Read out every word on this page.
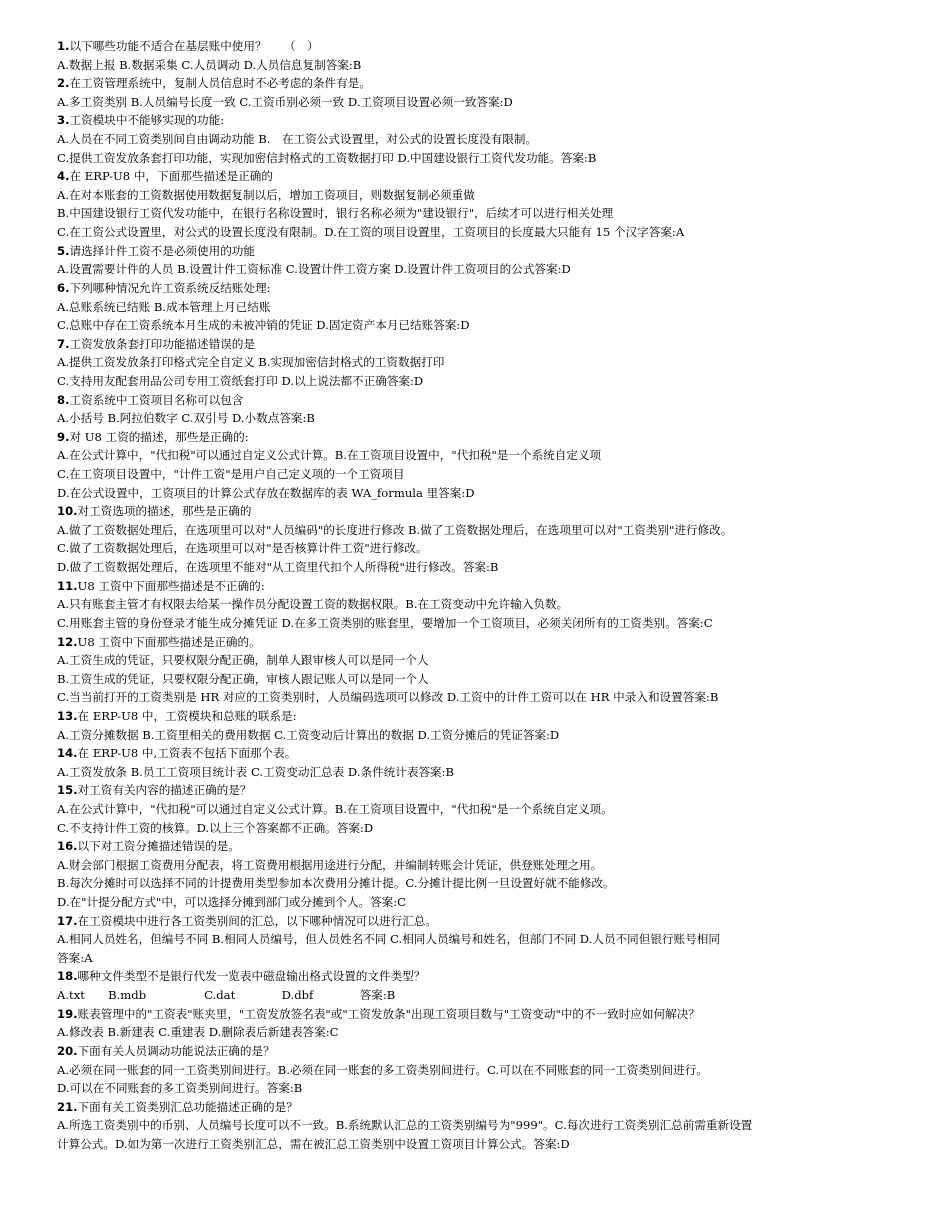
1.以下哪些功能不适合在基层账中使用？　　（　）
A.数据上报 B.数据采集 C.人员调动 D.人员信息复制答案:B
2.在工资管理系统中，复制人员信息时不必考虑的条件有是。
A.多工资类别 B.人员编号长度一致 C.工资币别必须一致 D.工资项目设置必须一致答案:D
3.工资模块中不能够实现的功能:
A.人员在不同工资类别间自由调动功能 B.　在工资公式设置里，对公式的设置长度没有限制。
C.提供工资发放条套打印功能，实现加密信封格式的工资数据打印 D.中国建设银行工资代发功能。答案:B
4.在 ERP-U8 中，下面那些描述是正确的
A.在对本账套的工资数据使用数据复制以后，增加工资项目，则数据复制必须重做
B.中国建设银行工资代发功能中，在银行名称设置时，银行名称必须为"建设银行"，后续才可以进行相关处理
C.在工资公式设置里，对公式的设置长度没有限制。D.在工资的项目设置里，工资项目的长度最大只能有 15 个汉字答案:A
5.请选择计件工资不是必须使用的功能
A.设置需要计件的人员 B.设置计件工资标准 C.设置计件工资方案 D.设置计件工资项目的公式答案:D
6.下列哪种情况允许工资系统反结账处理:
A.总账系统已结账 B.成本管理上月已结账
C.总账中存在工资系统本月生成的未被冲销的凭证 D.固定资产本月已结账答案:D
7.工资发放条套打印功能描述错误的是
A.提供工资发放条打印格式完全自定义 B.实现加密信封格式的工资数据打印
C.支持用友配套用品公司专用工资纸套打印 D.以上说法都不正确答案:D
8.工资系统中工资项目名称可以包含
A.小括号 B.阿拉伯数字 C.双引号 D.小数点答案:B
9.对 U8 工资的描述，那些是正确的:
A.在公式计算中，"代扣税"可以通过自定义公式计算。B.在工资项目设置中，"代扣税"是一个系统自定义项
C.在工资项目设置中，"计件工资"是用户自己定义项的一个工资项目
D.在公式设置中，工资项目的计算公式存放在数据库的表 WA_formula 里答案:D
10.对工资选项的描述，那些是正确的
A.做了工资数据处理后，在选项里可以对"人员编码"的长度进行修改 B.做了工资数据处理后，在选项里可以对"工资类别"进行修改。
C.做了工资数据处理后，在选项里可以对"是否核算计件工资"进行修改。
D.做了工资数据处理后，在选项里不能对"从工资里代扣个人所得税"进行修改。答案:B
11.U8 工资中下面那些描述是不正确的:
A.只有账套主管才有权限去给某一操作员分配设置工资的数据权限。B.在工资变动中允许输入负数。
C.用账套主管的身份登录才能生成分摊凭证 D.在多工资类别的账套里，要增加一个工资项目，必须关闭所有的工资类别。答案:C
12.U8 工资中下面那些描述是正确的。
A.工资生成的凭证，只要权限分配正确，制单人跟审核人可以是同一个人
B.工资生成的凭证，只要权限分配正确，审核人跟记账人可以是同一个人
C.当当前打开的工资类别是 HR 对应的工资类别时，人员编码选项可以修改 D.工资中的计件工资可以在 HR 中录入和设置答案:B
13.在 ERP-U8 中，工资模块和总账的联系是:
A.工资分摊数据 B.工资里相关的费用数据 C.工资变动后计算出的数据 D.工资分摊后的凭证答案:D
14.在 ERP-U8 中,工资表不包括下面那个表。
A.工资发放条 B.员工工资项目统计表 C.工资变动汇总表 D.条件统计表答案:B
15.对工资有关内容的描述正确的是？
A.在公式计算中，"代扣税"可以通过自定义公式计算。B.在工资项目设置中，"代扣税"是一个系统自定义项。
C.不支持计件工资的核算。D.以上三个答案都不正确。答案:D
16.以下对工资分摊描述错误的是。
A.财会部门根据工资费用分配表，将工资费用根据用途进行分配，并编制转账会计凭证，供登账处理之用。
B.每次分摊时可以选择不同的计提费用类型参加本次费用分摊计提。C.分摊计提比例一旦设置好就不能修改。
D.在"计提分配方式"中，可以选择分摊到部门或分摊到个人。答案:C
17.在工资模块中进行各工资类别间的汇总，以下哪种情况可以进行汇总。
A.相同人员姓名，但编号不同 B.相同人员编号，但人员姓名不同 C.相同人员编号和姓名，但部门不同 D.人员不同但银行账号相同
答案:A
18.哪种文件类型不是银行代发一览表中磁盘输出格式设置的文件类型？
A.txt　　B.mdb　　　　　C.dat　　　　D.dbf　　　　答案:B
19.账表管理中的"工资表"账夹里，"工资发放签名表"或"工资发放条"出现工资项目数与"工资变动"中的不一致时应如何解决？
A.修改表 B.新建表 C.重建表 D.删除表后新建表答案:C
20.下面有关人员调动功能说法正确的是？
A.必须在同一账套的同一工资类别间进行。B.必须在同一账套的多工资类别间进行。C.可以在不同账套的同一工资类别间进行。
D.可以在不同账套的多工资类别间进行。答案:B
21.下面有关工资类别汇总功能描述正确的是？
A.所选工资类别中的币别、人员编号长度可以不一致。B.系统默认汇总的工资类别编号为"999"。C.每次进行工资类别汇总前需重新设置
计算公式。D.如为第一次进行工资类别汇总，需在被汇总工资类别中设置工资项目计算公式。答案:D
